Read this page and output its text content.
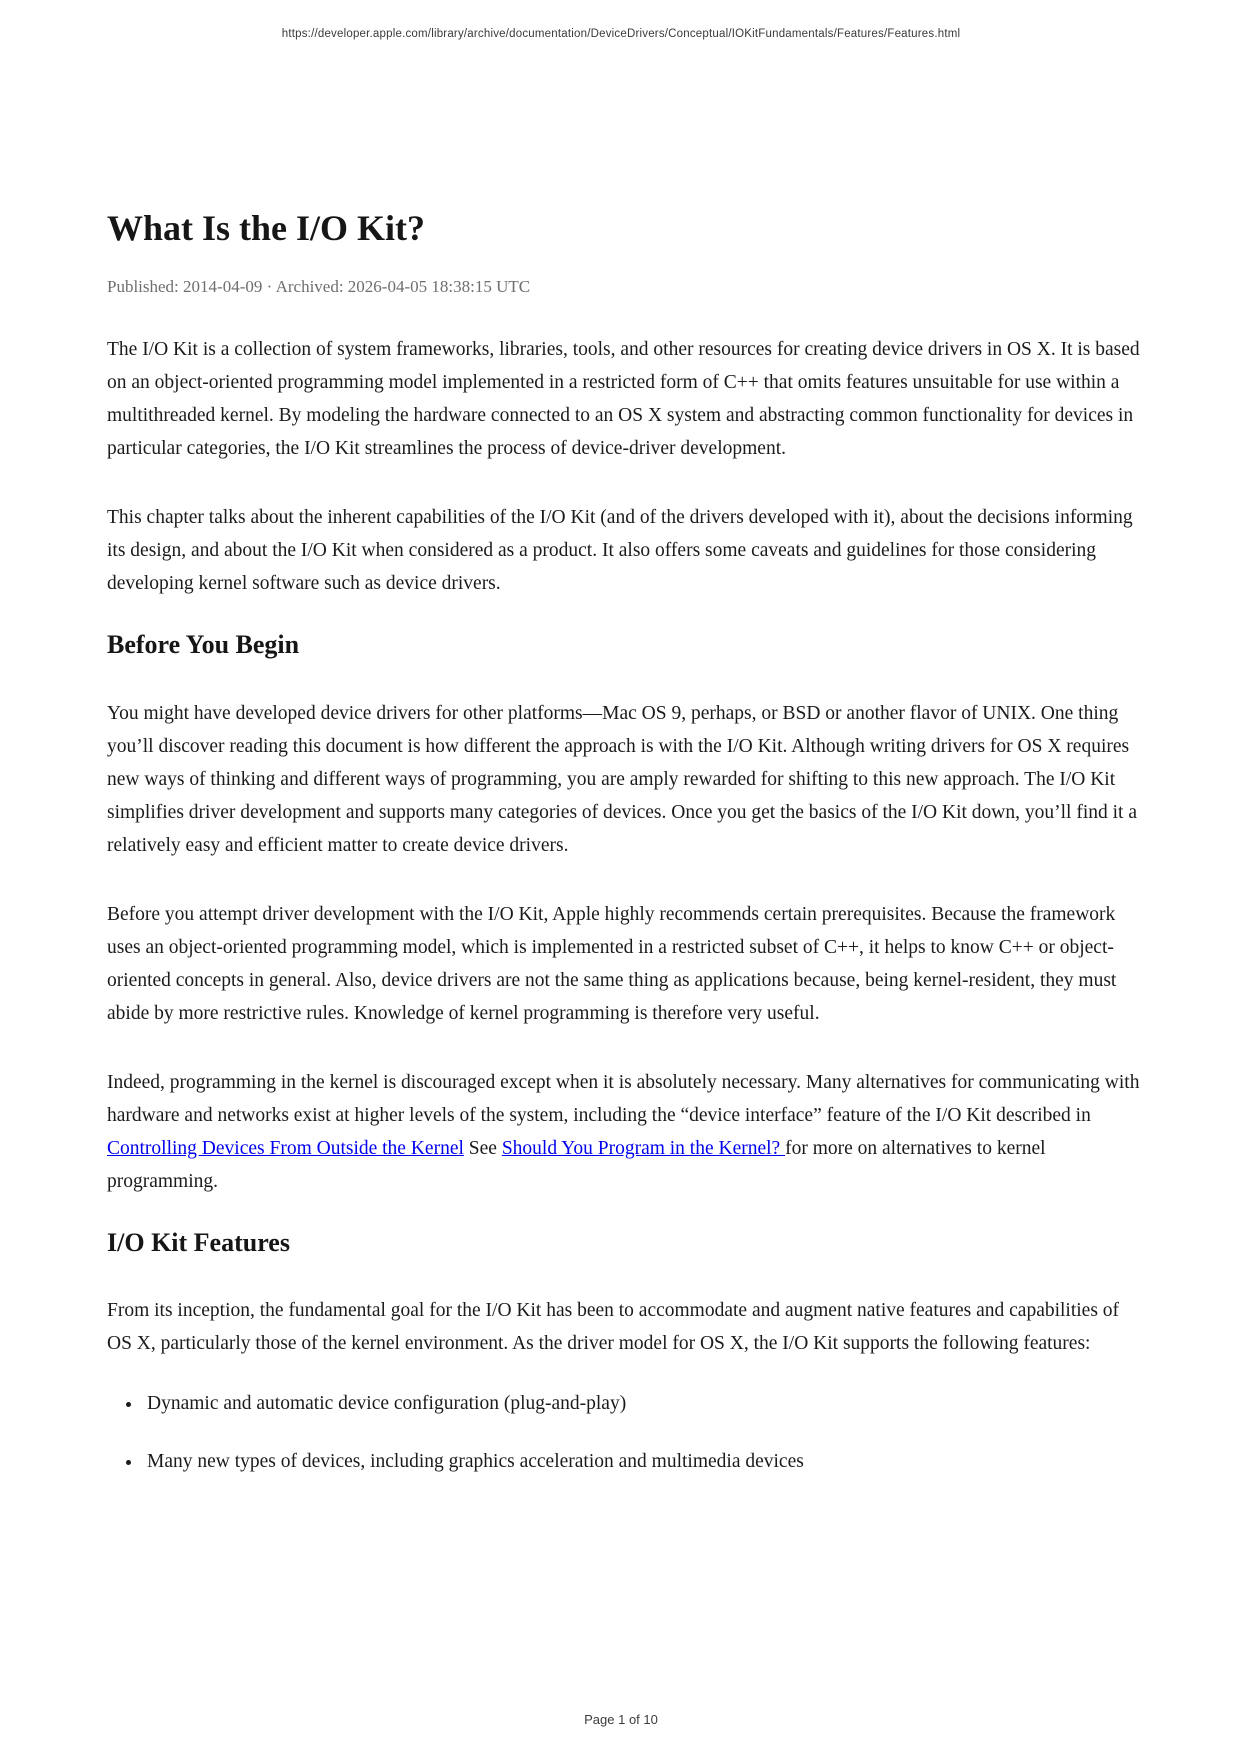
https://developer.apple.com/library/archive/documentation/DeviceDrivers/Conceptual/IOKitFundamentals/Features/Features.html
What Is the I/O Kit?
Published: 2014-04-09 · Archived: 2026-04-05 18:38:15 UTC

The I/O Kit is a collection of system frameworks, libraries, tools, and other resources for creating device drivers in OS X. It is based on an object-oriented programming model implemented in a restricted form of C++ that omits features unsuitable for use within a multithreaded kernel. By modeling the hardware connected to an OS X system and abstracting common functionality for devices in particular categories, the I/O Kit streamlines the process of device-driver development.

This chapter talks about the inherent capabilities of the I/O Kit (and of the drivers developed with it), about the decisions informing its design, and about the I/O Kit when considered as a product. It also offers some caveats and guidelines for those considering developing kernel software such as device drivers.

Before You Begin

You might have developed device drivers for other platforms—Mac OS 9, perhaps, or BSD or another flavor of UNIX. One thing you’ll discover reading this document is how different the approach is with the I/O Kit. Although writing drivers for OS X requires new ways of thinking and different ways of programming, you are amply rewarded for shifting to this new approach. The I/O Kit simplifies driver development and supports many categories of devices. Once you get the basics of the I/O Kit down, you’ll find it a relatively easy and efficient matter to create device drivers.

Before you attempt driver development with the I/O Kit, Apple highly recommends certain prerequisites. Because the framework uses an object-oriented programming model, which is implemented in a restricted subset of C++, it helps to know C++ or object-oriented concepts in general. Also, device drivers are not the same thing as applications because, being kernel-resident, they must abide by more restrictive rules. Knowledge of kernel programming is therefore very useful.

Indeed, programming in the kernel is discouraged except when it is absolutely necessary. Many alternatives for communicating with hardware and networks exist at higher levels of the system, including the “device interface” feature of the I/O Kit described in Controlling Devices From Outside the Kernel See Should You Program in the Kernel? for more on alternatives to kernel programming.

I/O Kit Features

From its inception, the fundamental goal for the I/O Kit has been to accommodate and augment native features and capabilities of OS X, particularly those of the kernel environment. As the driver model for OS X, the I/O Kit supports the following features:

• Dynamic and automatic device configuration (plug-and-play)
• Many new types of devices, including graphics acceleration and multimedia devices
Page 1 of 10
